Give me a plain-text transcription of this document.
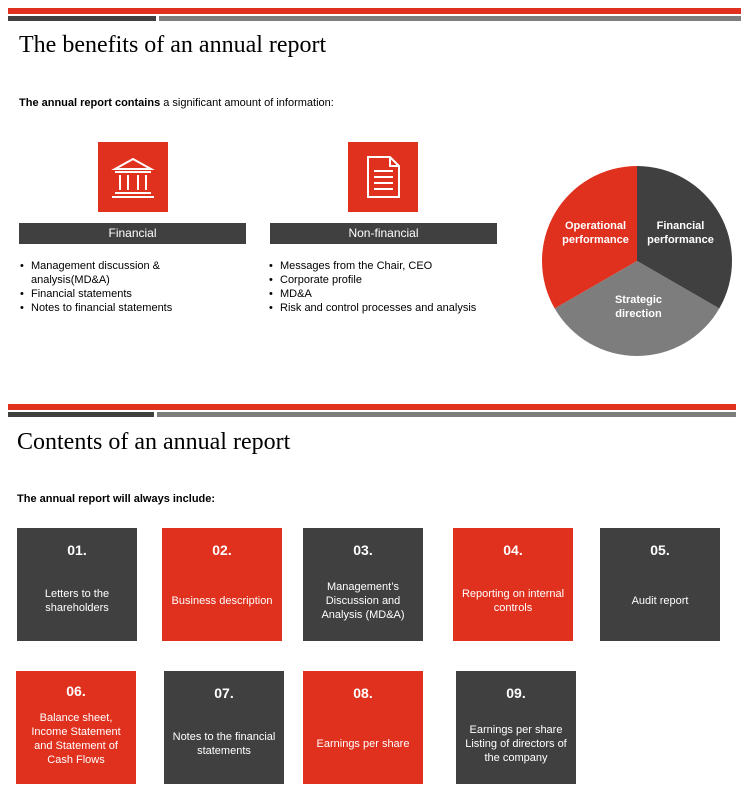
The benefits of an annual report
The annual report contains a significant amount of information:
Financial
• Management discussion & analysis(MD&A)
• Financial statements
• Notes to financial statements
Non-financial
• Messages from the Chair, CEO
• Corporate profile
• MD&A
• Risk and control processes and analysis
Operational
performance
Financial
performance
Strategic
direction
Contents of an annual report
The annual report will always include:
01.
Letters to the
shareholders
02.
Business description
03.
Management’s
Discussion and
Analysis (MD&A)
04.
Reporting on internal
controls
05.
Audit report
06.
Balance sheet,
Income Statement
and Statement of
Cash Flows
07.
Notes to the financial
statements
08.
Earnings per share
09.
Earnings per share
Listing of directors of
the company
